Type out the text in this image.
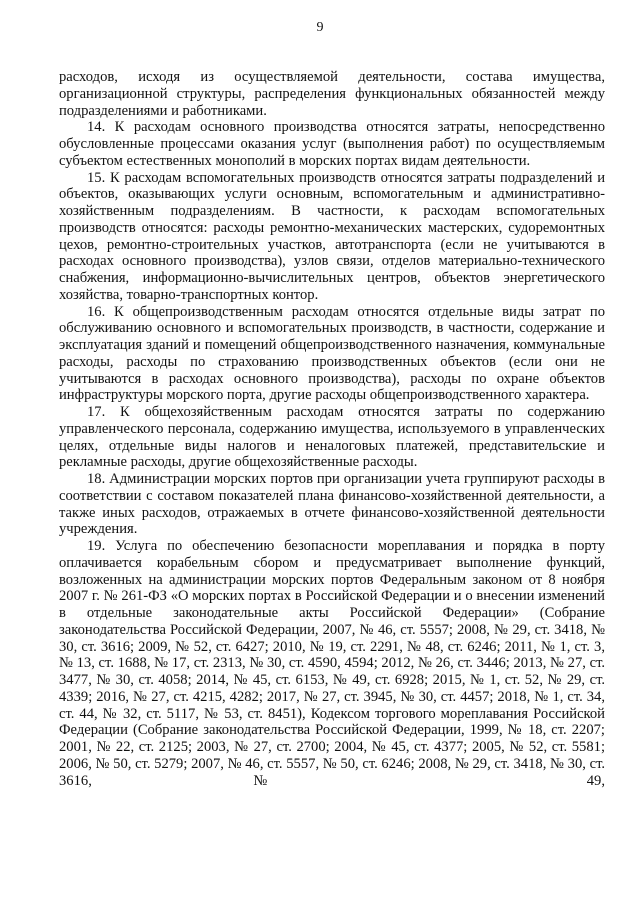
9

расходов, исходя из осуществляемой деятельности, состава имущества, организационной структуры, распределения функциональных обязанностей между подразделениями и работниками.

14. К расходам основного производства относятся затраты, непосредственно обусловленные процессами оказания услуг (выполнения работ) по осуществляемым субъектом естественных монополий в морских портах видам деятельности.

15. К расходам вспомогательных производств относятся затраты подразделений и объектов, оказывающих услуги основным, вспомогательным и административно-хозяйственным подразделениям. В частности, к расходам вспомогательных производств относятся: расходы ремонтно-механических мастерских, судоремонтных цехов, ремонтно-строительных участков, автотранспорта (если не учитываются в расходах основного производства), узлов связи, отделов материально-технического снабжения, информационно-вычислительных центров, объектов энергетического хозяйства, товарно-транспортных контор.

16. К общепроизводственным расходам относятся отдельные виды затрат по обслуживанию основного и вспомогательных производств, в частности, содержание и эксплуатация зданий и помещений общепроизводственного назначения, коммунальные расходы, расходы по страхованию производственных объектов (если они не учитываются в расходах основного производства), расходы по охране объектов инфраструктуры морского порта, другие расходы общепроизводственного характера.

17. К общехозяйственным расходам относятся затраты по содержанию управленческого персонала, содержанию имущества, используемого в управленческих целях, отдельные виды налогов и неналоговых платежей, представительские и рекламные расходы, другие общехозяйственные расходы.

18. Администрации морских портов при организации учета группируют расходы в соответствии с составом показателей плана финансово-хозяйственной деятельности, а также иных расходов, отражаемых в отчете финансово-хозяйственной деятельности учреждения.

19. Услуга по обеспечению безопасности мореплавания и порядка в порту оплачивается корабельным сбором и предусматривает выполнение функций, возложенных на администрации морских портов Федеральным законом от 8 ноября 2007 г. № 261-ФЗ «О морских портах в Российской Федерации и о внесении изменений в отдельные законодательные акты Российской Федерации» (Собрание законодательства Российской Федерации, 2007, № 46, ст. 5557; 2008, № 29, ст. 3418, № 30, ст. 3616; 2009, № 52, ст. 6427; 2010, № 19, ст. 2291, № 48, ст. 6246; 2011, № 1, ст. 3, № 13, ст. 1688, № 17, ст. 2313, № 30, ст. 4590, 4594; 2012, № 26, ст. 3446; 2013, № 27, ст. 3477, № 30, ст. 4058; 2014, № 45, ст. 6153, № 49, ст. 6928; 2015, № 1, ст. 52, № 29, ст. 4339; 2016, № 27, ст. 4215, 4282; 2017, № 27, ст. 3945, № 30, ст. 4457; 2018, № 1, ст. 34, ст. 44, № 32, ст. 5117, № 53, ст. 8451), Кодексом торгового мореплавания Российской Федерации (Собрание законодательства Российской Федерации, 1999, № 18, ст. 2207; 2001, № 22, ст. 2125; 2003, № 27, ст. 2700; 2004, № 45, ст. 4377; 2005, № 52, ст. 5581; 2006, № 50, ст. 5279; 2007, № 46, ст. 5557, № 50, ст. 6246; 2008, № 29, ст. 3418, № 30, ст. 3616, № 49,
